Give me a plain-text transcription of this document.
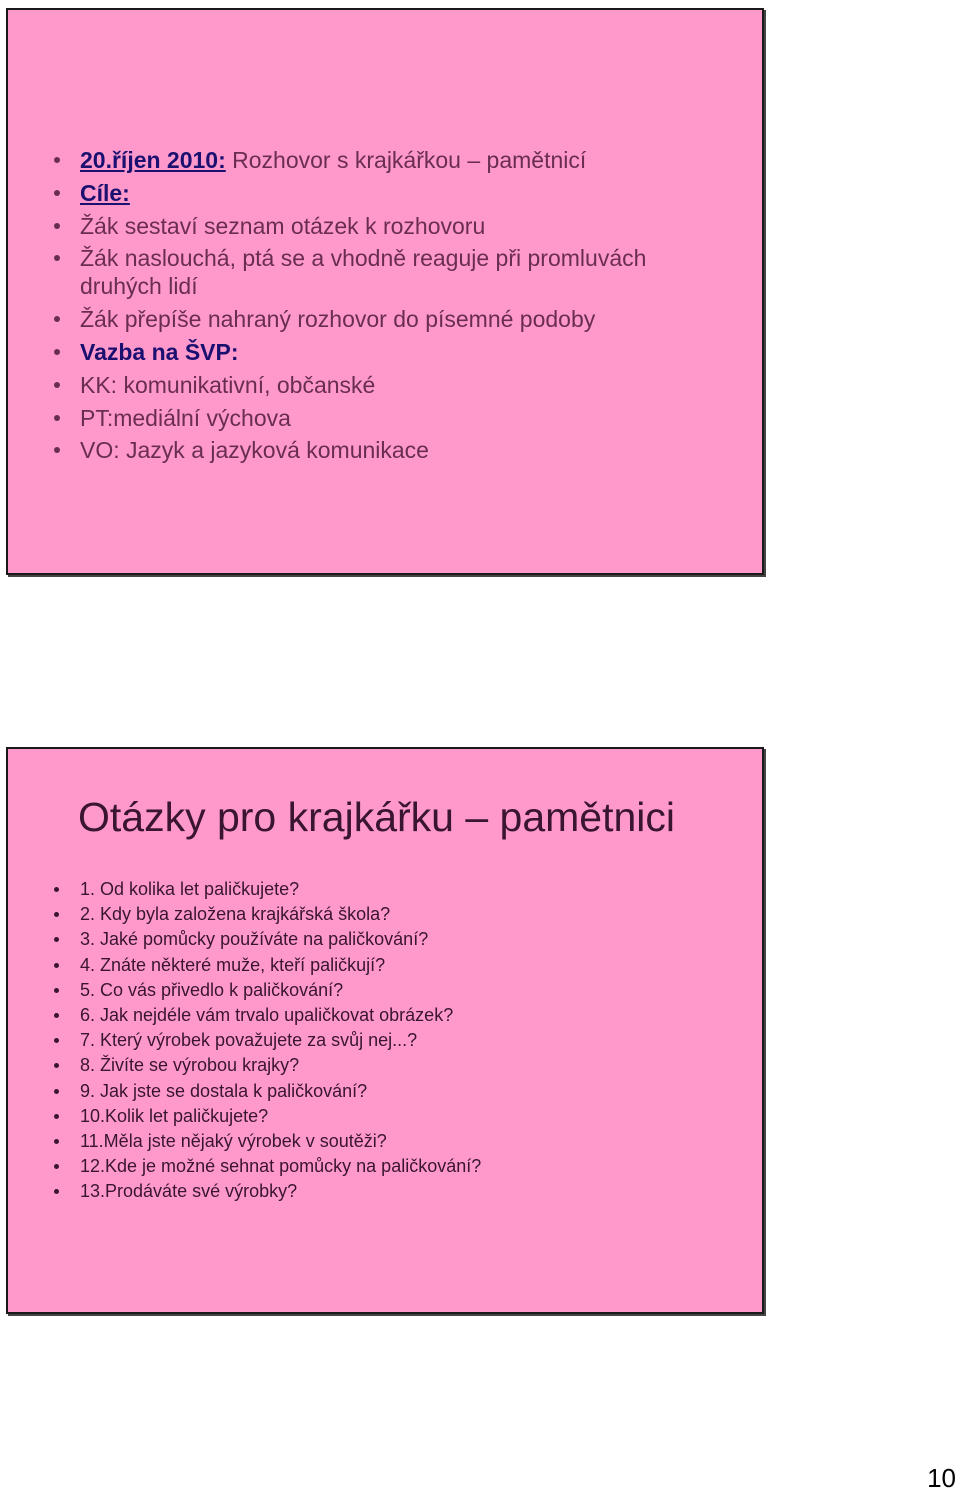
20.říjen 2010: Rozhovor s krajkářkou – pamětnicí
Cíle:
Žák sestaví seznam otázek k rozhovoru
Žák naslouchá, ptá se a vhodně reaguje při promluvách druhých lidí
Žák přepíše nahraný rozhovor do písemné podoby
Vazba na ŠVP:
KK: komunikativní, občanské
PT:mediální výchova
VO: Jazyk a jazyková komunikace
Otázky pro krajkářku – pamětnici
1. Od kolika let paličkujete?
2. Kdy byla založena krajkářská škola?
3. Jaké pomůcky používáte na paličkování?
4. Znáte některé muže, kteří paličkují?
5. Co vás přivedlo k paličkování?
6. Jak nejdéle vám trvalo upaličkovat obrázek?
7. Který výrobek považujete za svůj nej...?
8. Živíte se výrobou krajky?
9. Jak jste se dostala k paličkování?
10.Kolik let paličkujete?
11.Měla jste nějaký výrobek v soutěži?
12.Kde je možné sehnat pomůcky na paličkování?
13.Prodáváte své výrobky?
10
